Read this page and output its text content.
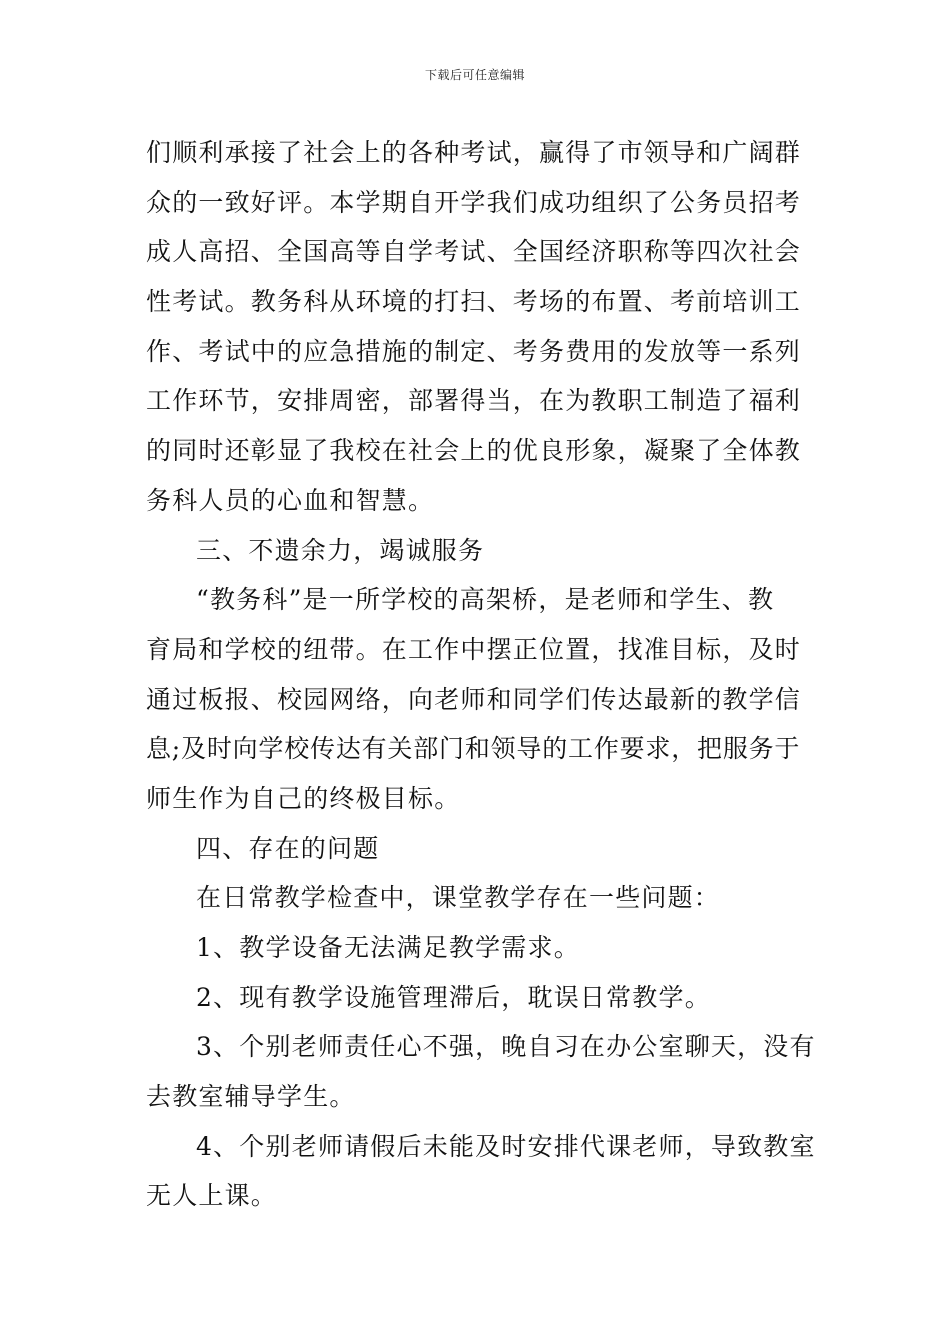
下载后可任意编辑
们顺利承接了社会上的各种考试，赢得了市领导和广阔群
众的一致好评。本学期自开学我们成功组织了公务员招考
成人高招、全国高等自学考试、全国经济职称等四次社会
性考试。教务科从环境的打扫、考场的布置、考前培训工
作、考试中的应急措施的制定、考务费用的发放等一系列
工作环节，安排周密，部署得当，在为教职工制造了福利
的同时还彰显了我校在社会上的优良形象，凝聚了全体教
务科人员的心血和智慧。
三、不遗余力，竭诚服务
“教务科”是一所学校的高架桥，是老师和学生、教
育局和学校的纽带。在工作中摆正位置，找准目标，及时
通过板报、校园网络，向老师和同学们传达最新的教学信
息;及时向学校传达有关部门和领导的工作要求，把服务于
师生作为自己的终极目标。
四、存在的问题
在日常教学检查中，课堂教学存在一些问题：
1、教学设备无法满足教学需求。
2、现有教学设施管理滞后，耽误日常教学。
3、个别老师责任心不强，晚自习在办公室聊天，没有
去教室辅导学生。
4、个别老师请假后未能及时安排代课老师，导致教室
无人上课。
